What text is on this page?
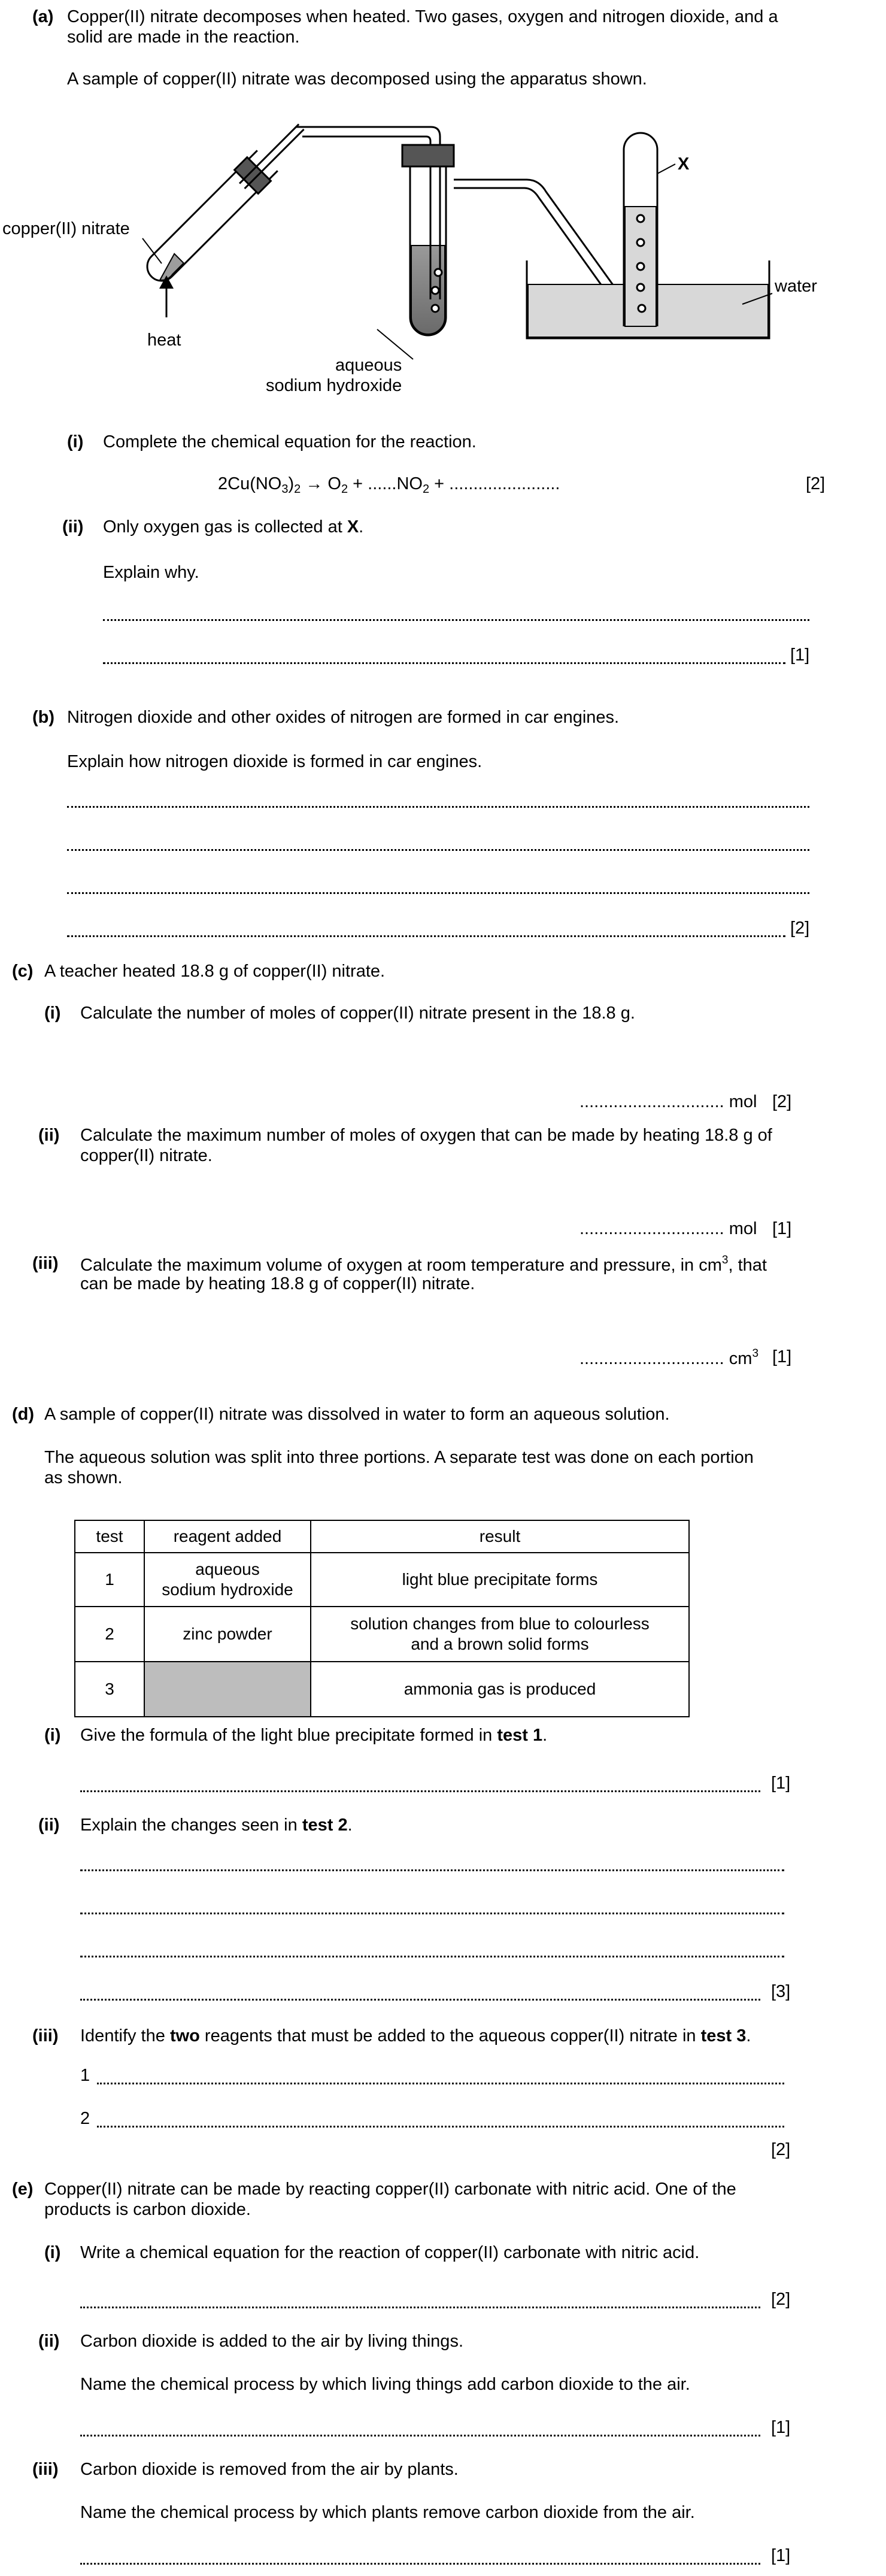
(a) Copper(II) nitrate decomposes when heated. Two gases, oxygen and nitrogen dioxide, and a
solid are made in the reaction.
A sample of copper(II) nitrate was decomposed using the apparatus shown.
copper(II) nitrate
heat
aqueous
sodium hydroxide
X
water
(i) Complete the chemical equation for the reaction.
$2Cu(NO_3)_2 \to O_2 + ......NO_2$ + .......................	[2]
(ii) Only oxygen gas is collected at X.
Explain why.
[1]
(b) Nitrogen dioxide and other oxides of nitrogen are formed in car engines.
Explain how nitrogen dioxide is formed in car engines.
[2]
(c) A teacher heated 18.8 g of copper(II) nitrate.
(i) Calculate the number of moles of copper(II) nitrate present in the 18.8 g.
.............................. mol [2]
(ii) Calculate the maximum number of moles of oxygen that can be made by heating 18.8 g of
copper(II) nitrate.
.............................. mol [1]
(iii) Calculate the maximum volume of oxygen at room temperature and pressure, in $cm^3$, that
can be made by heating 18.8 g of copper(II) nitrate.
.............................. $cm^3$ [1]
(d) A sample of copper(II) nitrate was dissolved in water to form an aqueous solution.
The aqueous solution was split into three portions. A separate test was done on each portion
as shown.
test	reagent added	result
1	aqueous
sodium hydroxide	light blue precipitate forms
2	zinc powder	solution changes from blue to colourless
and a brown solid forms
3		ammonia gas is produced
(i) Give the formula of the light blue precipitate formed in test 1.
[1]
(ii) Explain the changes seen in test 2.
[3]
(iii) Identify the two reagents that must be added to the aqueous copper(II) nitrate in test 3.
1
2
[2]
(e) Copper(II) nitrate can be made by reacting copper(II) carbonate with nitric acid. One of the
products is carbon dioxide.
(i) Write a chemical equation for the reaction of copper(II) carbonate with nitric acid.
[2]
(ii) Carbon dioxide is added to the air by living things.
Name the chemical process by which living things add carbon dioxide to the air.
[1]
(iii) Carbon dioxide is removed from the air by plants.
Name the chemical process by which plants remove carbon dioxide from the air.
[1]
